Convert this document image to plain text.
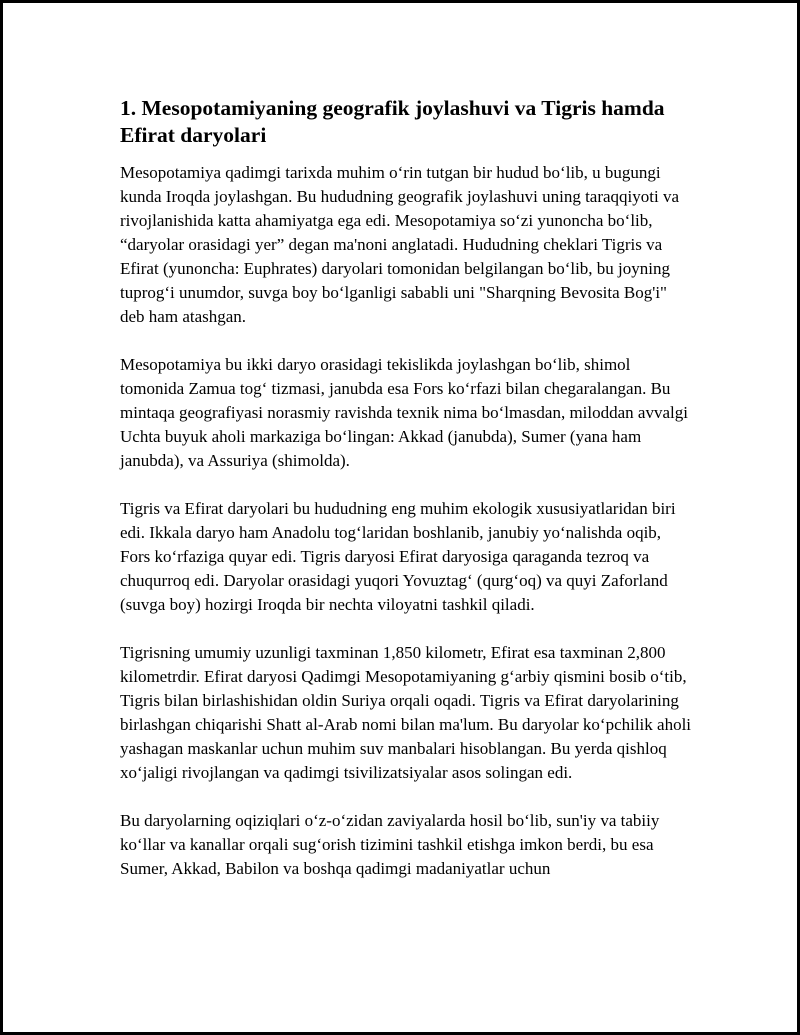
1. Mesopotamiyaning geografik joylashuvi va Tigris hamda Efirat daryolari

Mesopotamiya qadimgi tarixda muhim o‘rin tutgan bir hudud bo‘lib, u bugungi kunda Iroqda joylashgan. Bu hududning geografik joylashuvi uning taraqqiyoti va rivojlanishida katta ahamiyatga ega edi. Mesopotamiya so‘zi yunoncha bo‘lib, “daryolar orasidagi yer” degan ma'noni anglatadi. Hududning cheklari Tigris va Efirat (yunoncha: Euphrates) daryolari tomonidan belgilangan bo‘lib, bu joyning tuprog‘i unumdor, suvga boy bo‘lganligi sababli uni "Sharqning Bevosita Bog'i" deb ham atashgan.

Mesopotamiya bu ikki daryo orasidagi tekislikda joylashgan bo‘lib, shimol tomonida Zamua tog‘ tizmasi, janubda esa Fors ko‘rfazi bilan chegaralangan. Bu mintaqa geografiyasi norasmiy ravishda texnik nima bo‘lmasdan, miloddan avvalgi Uchta buyuk aholi markaziga bo‘lingan: Akkad (janubda), Sumer (yana ham janubda), va Assuriya (shimolda).

Tigris va Efirat daryolari bu hududning eng muhim ekologik xususiyatlaridan biri edi. Ikkala daryo ham Anadolu tog‘laridan boshlanib, janubiy yo‘nalishda oqib, Fors ko‘rfaziga quyar edi. Tigris daryosi Efirat daryosiga qaraganda tezroq va chuqurroq edi. Daryolar orasidagi yuqori Yovuztag‘ (qurg‘oq) va quyi Zaforland (suvga boy) hozirgi Iroqda bir nechta viloyatni tashkil qiladi.

Tigrisning umumiy uzunligi taxminan 1,850 kilometr, Efirat esa taxminan 2,800 kilometrdir. Efirat daryosi Qadimgi Mesopotamiyaning g‘arbiy qismini bosib o‘tib, Tigris bilan birlashishidan oldin Suriya orqali oqadi. Tigris va Efirat daryolarining birlashgan chiqarishi Shatt al-Arab nomi bilan ma'lum. Bu daryolar ko‘pchilik aholi yashagan maskanlar uchun muhim suv manbalari hisoblangan. Bu yerda qishloq xo‘jaligi rivojlangan va qadimgi tsivilizatsiyalar asos solingan edi.

Bu daryolarning oqiziqlari o‘z-o‘zidan zaviyalarda hosil bo‘lib, sun'iy va tabiiy ko‘llar va kanallar orqali sug‘orish tizimini tashkil etishga imkon berdi, bu esa Sumer, Akkad, Babilon va boshqa qadimgi madaniyatlar uchun
